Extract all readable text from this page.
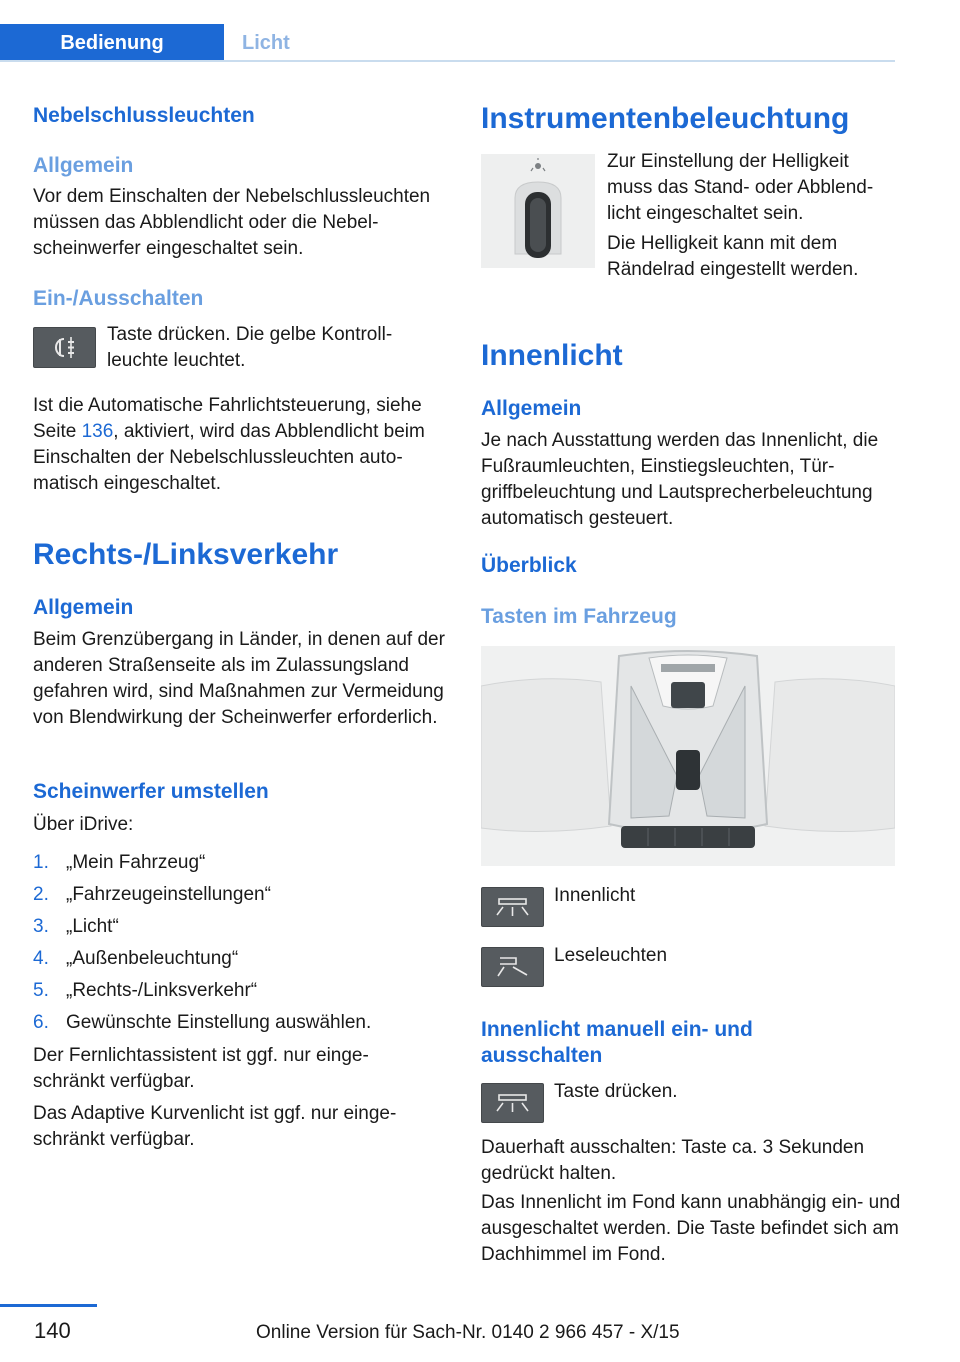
Bedienung	Licht
Nebelschlussleuchten
Allgemein
Vor dem Einschalten der Nebelschlussleuchten müssen das Abblendlicht oder die Nebelscheinwerfer eingeschaltet sein.
Ein-/Ausschalten
Taste drücken. Die gelbe Kontrollleuchte leuchtet.
Ist die Automatische Fahrlichtsteuerung, siehe Seite 136, aktiviert, wird das Abblendlicht beim Einschalten der Nebelschlussleuchten automatisch eingeschaltet.
Rechts-/Linksverkehr
Allgemein
Beim Grenzübergang in Länder, in denen auf der anderen Straßenseite als im Zulassungsland gefahren wird, sind Maßnahmen zur Vermeidung von Blendwirkung der Scheinwerfer erforderlich.
Scheinwerfer umstellen
Über iDrive:
1. „Mein Fahrzeug“
2. „Fahrzeugeinstellungen“
3. „Licht“
4. „Außenbeleuchtung“
5. „Rechts-/Linksverkehr“
6. Gewünschte Einstellung auswählen.
Der Fernlichtassistent ist ggf. nur eingeschränkt verfügbar.
Das Adaptive Kurvenlicht ist ggf. nur eingeschränkt verfügbar.
Instrumentenbeleuchtung
Zur Einstellung der Helligkeit muss das Stand- oder Abblendlicht eingeschaltet sein.
Die Helligkeit kann mit dem Rändelrad eingestellt werden.
Innenlicht
Allgemein
Je nach Ausstattung werden das Innenlicht, die Fußraumleuchten, Einstiegsleuchten, Türgriffbeleuchtung und Lautsprecherbeleuchtung automatisch gesteuert.
Überblick
Tasten im Fahrzeug
Innenlicht
Leseleuchten
Innenlicht manuell ein- und ausschalten
Taste drücken.
Dauerhaft ausschalten: Taste ca. 3 Sekunden gedrückt halten.
Das Innenlicht im Fond kann unabhängig ein- und ausgeschaltet werden. Die Taste befindet sich am Dachhimmel im Fond.
140	Online Version für Sach-Nr. 0140 2 966 457 - X/15
